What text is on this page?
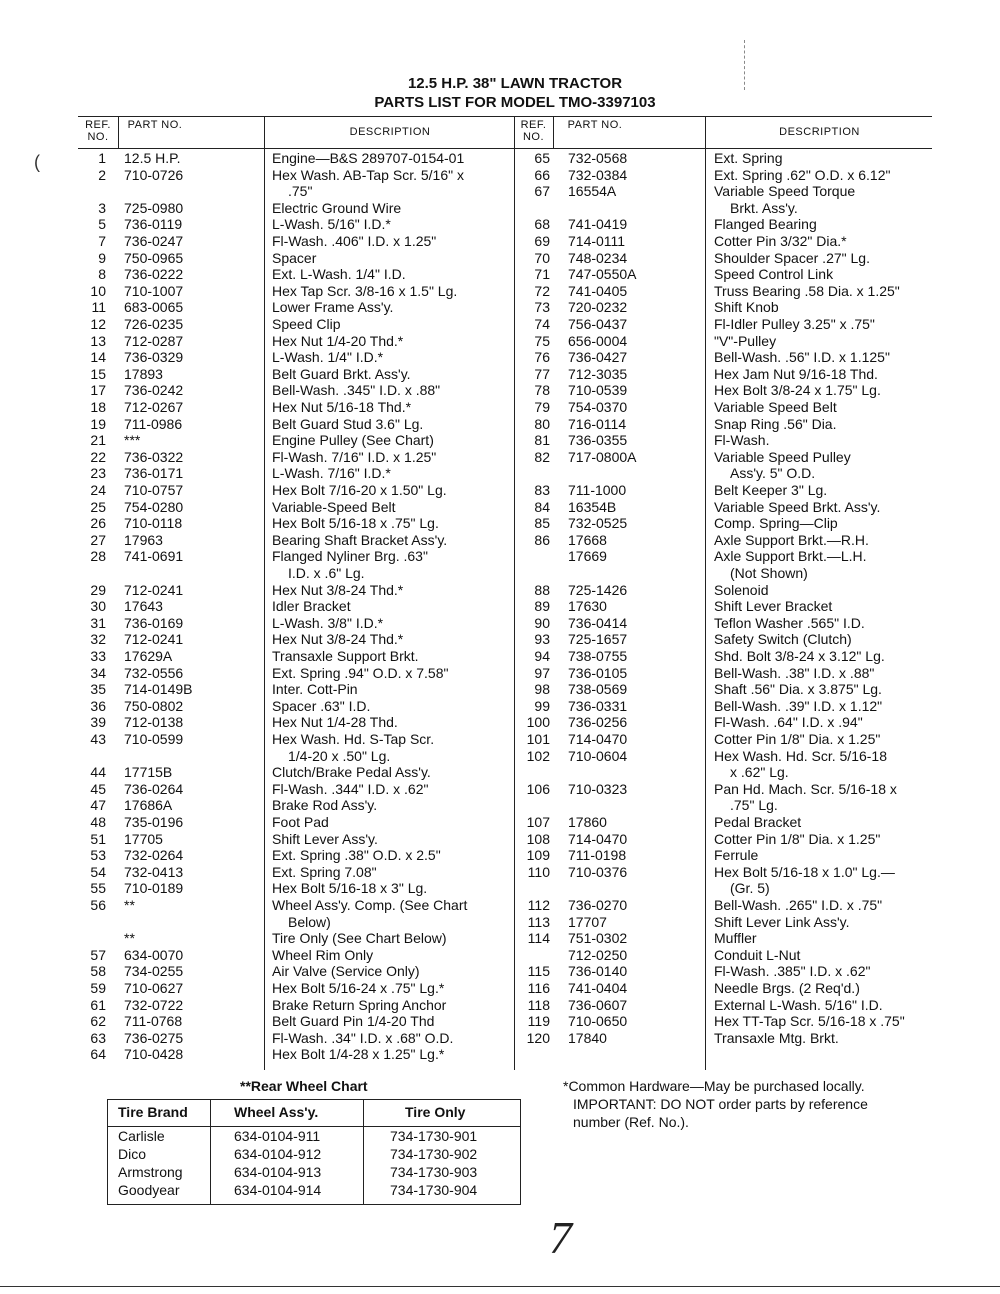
(
12.5 H.P. 38" LAWN TRACTOR
PARTS LIST FOR MODEL TMO-3397103
REF. NO.
PART NO.
DESCRIPTION
REF. NO.
PART NO.
DESCRIPTION
1 12.5 H.P.	Engine—B&S 289707-0154-01
2 710-0726	Hex Wash. AB-Tap Scr. 5/16" x
.75"
3 725-0980	Electric Ground Wire
5 736-0119	L-Wash. 5/16" I.D.*
7 736-0247	Fl-Wash. .406" I.D. x 1.25"
9 750-0965	Spacer
8 736-0222	Ext. L-Wash. 1/4" I.D.
10 710-1007	Hex Tap Scr. 3/8-16 x 1.5" Lg.
11 683-0065	Lower Frame Ass'y.
12 726-0235	Speed Clip
13 712-0287	Hex Nut 1/4-20 Thd.*
14 736-0329	L-Wash. 1/4" I.D.*
15 17893	Belt Guard Brkt. Ass'y.
17 736-0242	Bell-Wash. .345" I.D. x .88"
18 712-0267	Hex Nut 5/16-18 Thd.*
19 711-0986	Belt Guard Stud 3.6" Lg.
21 ***	Engine Pulley (See Chart)
22 736-0322	Fl-Wash. 7/16" I.D. x 1.25"
23 736-0171	L-Wash. 7/16" I.D.*
24 710-0757	Hex Bolt 7/16-20 x 1.50" Lg.
25 754-0280	Variable-Speed Belt
26 710-0118	Hex Bolt 5/16-18 x .75" Lg.
27 17963	Bearing Shaft Bracket Ass'y.
28 741-0691	Flanged Nyliner Brg. .63"
I.D. x .6" Lg.
29 712-0241	Hex Nut 3/8-24 Thd.*
30 17643	Idler Bracket
31 736-0169	L-Wash. 3/8" I.D.*
32 712-0241	Hex Nut 3/8-24 Thd.*
33 17629A	Transaxle Support Brkt.
34 732-0556	Ext. Spring .94" O.D. x 7.58"
35 714-0149B	Inter. Cott-Pin
36 750-0802	Spacer .63" I.D.
39 712-0138	Hex Nut 1/4-28 Thd.
43 710-0599	Hex Wash. Hd. S-Tap Scr.
1/4-20 x .50" Lg.
44 17715B	Clutch/Brake Pedal Ass'y.
45 736-0264	Fl-Wash. .344" I.D. x .62"
47 17686A	Brake Rod Ass'y.
48 735-0196	Foot Pad
51 17705	Shift Lever Ass'y.
53 732-0264	Ext. Spring .38" O.D. x 2.5"
54 732-0413	Ext. Spring 7.08"
55 710-0189	Hex Bolt 5/16-18 x 3" Lg.
56 **	Wheel Ass'y. Comp. (See Chart
Below)
**	Tire Only (See Chart Below)
57 634-0070	Wheel Rim Only
58 734-0255	Air Valve (Service Only)
59 710-0627	Hex Bolt 5/16-24 x .75" Lg.*
61 732-0722	Brake Return Spring Anchor
62 711-0768	Belt Guard Pin 1/4-20 Thd
63 736-0275	Fl-Wash. .34" I.D. x .68" O.D.
64 710-0428	Hex Bolt 1/4-28 x 1.25" Lg.*
65 732-0568	Ext. Spring
66 732-0384	Ext. Spring .62" O.D. x 6.12"
67 16554A	Variable Speed Torque
Brkt. Ass'y.
68 741-0419	Flanged Bearing
69 714-0111	Cotter Pin 3/32" Dia.*
70 748-0234	Shoulder Spacer .27" Lg.
71 747-0550A	Speed Control Link
72 741-0405	Truss Bearing .58 Dia. x 1.25"
73 720-0232	Shift Knob
74 756-0437	Fl-Idler Pulley 3.25" x .75"
75 656-0004	"V"-Pulley
76 736-0427	Bell-Wash. .56" I.D. x 1.125"
77 712-3035	Hex Jam Nut 9/16-18 Thd.
78 710-0539	Hex Bolt 3/8-24 x 1.75" Lg.
79 754-0370	Variable Speed Belt
80 716-0114	Snap Ring .56" Dia.
81 736-0355	Fl-Wash.
82 717-0800A	Variable Speed Pulley
Ass'y. 5" O.D.
83 711-1000	Belt Keeper 3" Lg.
84 16354B	Variable Speed Brkt. Ass'y.
85 732-0525	Comp. Spring—Clip
86 17668	Axle Support Brkt.—R.H.
17669	Axle Support Brkt.—L.H.
(Not Shown)
88 725-1426	Solenoid
89 17630	Shift Lever Bracket
90 736-0414	Teflon Washer .565" I.D.
93 725-1657	Safety Switch (Clutch)
94 738-0755	Shd. Bolt 3/8-24 x 3.12" Lg.
97 736-0105	Bell-Wash. .38" I.D. x .88"
98 738-0569	Shaft .56" Dia. x 3.875" Lg.
99 736-0331	Bell-Wash. .39" I.D. x 1.12"
100 736-0256	Fl-Wash. .64" I.D. x .94"
101 714-0470	Cotter Pin 1/8" Dia. x 1.25"
102 710-0604	Hex Wash. Hd. Scr. 5/16-18
x .62" Lg.
106 710-0323	Pan Hd. Mach. Scr. 5/16-18 x
.75" Lg.
107 17860	Pedal Bracket
108 714-0470	Cotter Pin 1/8" Dia. x 1.25"
109 711-0198	Ferrule
110 710-0376	Hex Bolt 5/16-18 x 1.0" Lg.—
(Gr. 5)
112 736-0270	Bell-Wash. .265" I.D. x .75"
113 17707	Shift Lever Link Ass'y.
114 751-0302	Muffler
712-0250	Conduit L-Nut
115 736-0140	Fl-Wash. .385" I.D. x .62"
116 741-0404	Needle Brgs. (2 Req'd.)
118 736-0607	External L-Wash. 5/16" I.D.
119 710-0650	Hex TT-Tap Scr. 5/16-18 x .75"
120 17840	Transaxle Mtg. Brkt.
**Rear Wheel Chart
Tire Brand	Wheel Ass'y.	Tire Only
Carlisle	634-0104-911	734-1730-901
Dico	634-0104-912	734-1730-902
Armstrong	634-0104-913	734-1730-903
Goodyear	634-0104-914	734-1730-904
*Common Hardware—May be purchased locally.
IMPORTANT: DO NOT order parts by reference
number (Ref. No.).
7
